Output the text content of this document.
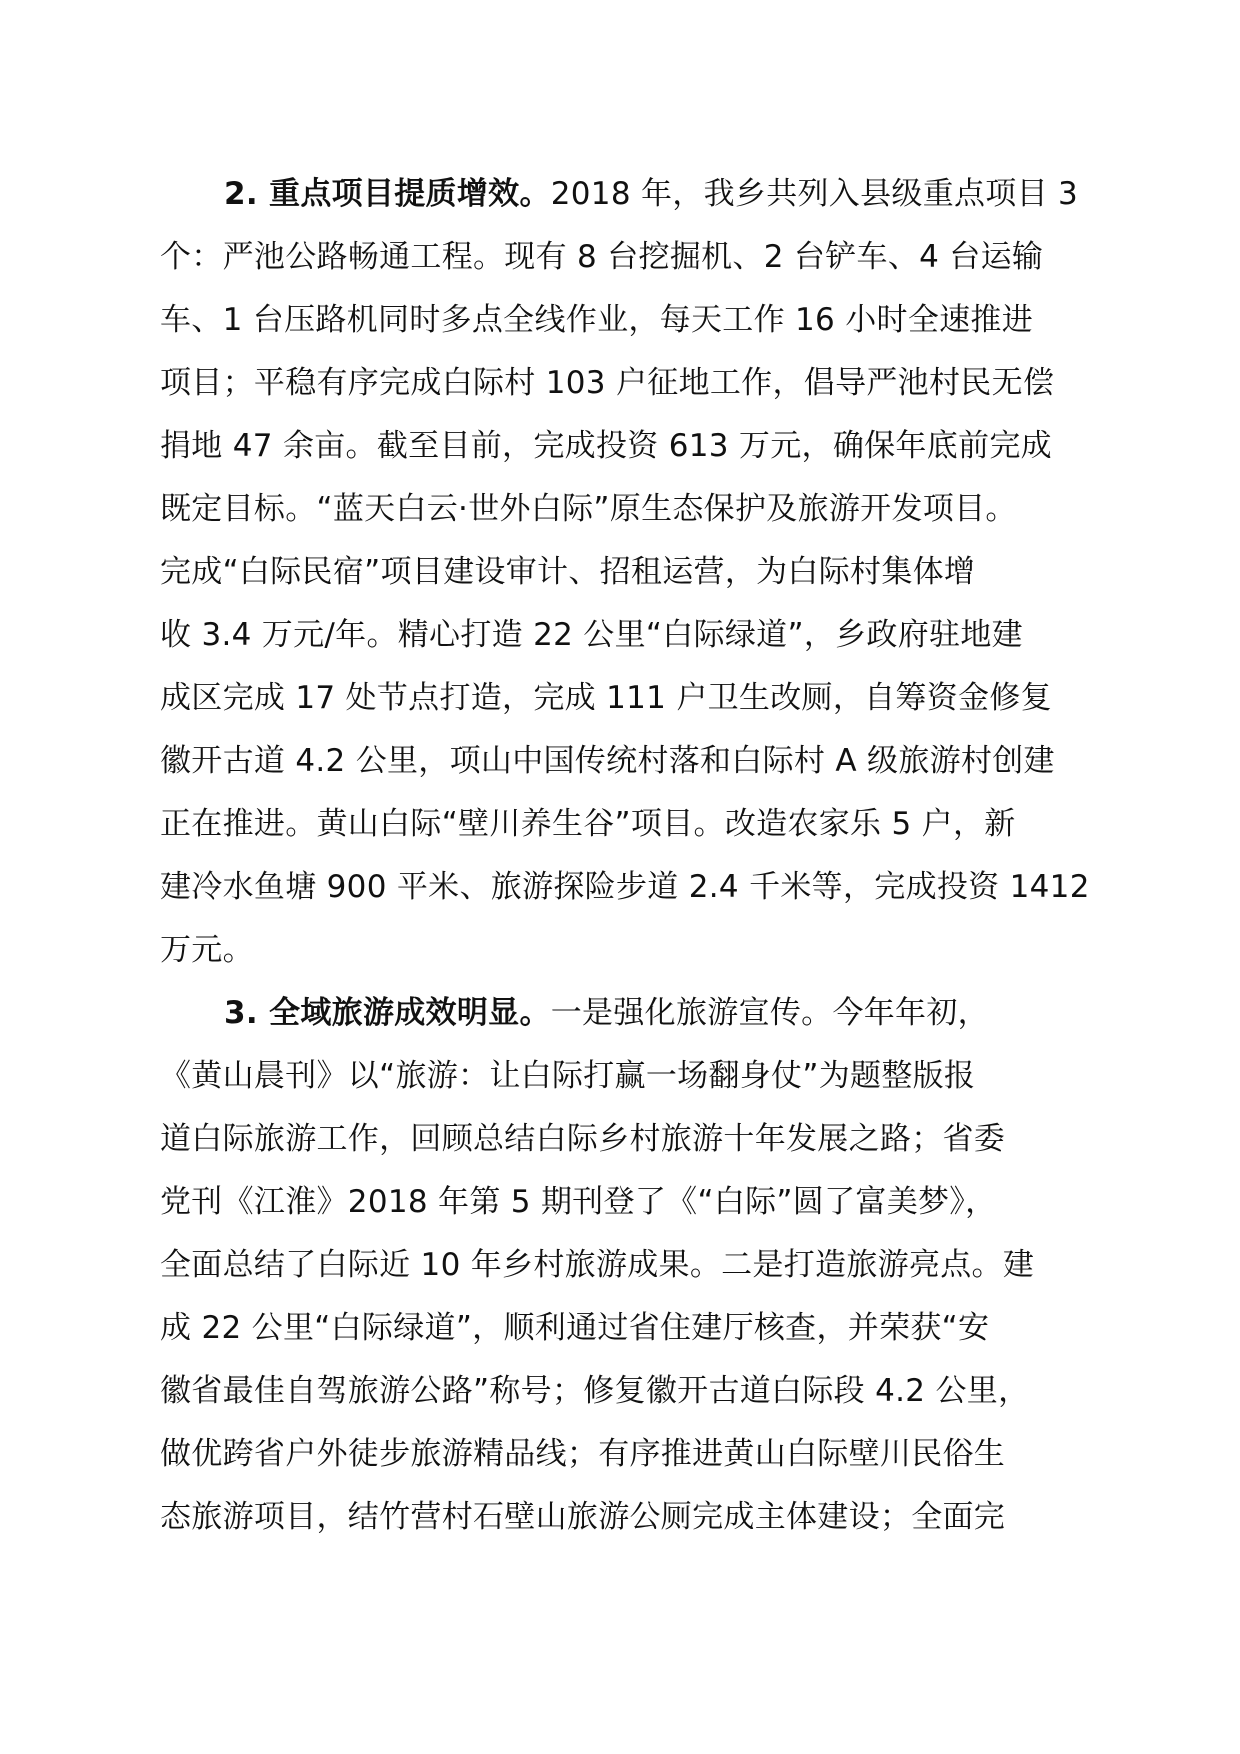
2. 重点项目提质增效。2018 年，我乡共列入县级重点项目 3
个：严池公路畅通工程。现有 8 台挖掘机、2 台铲车、4 台运输
车、1 台压路机同时多点全线作业，每天工作 16 小时全速推进
项目；平稳有序完成白际村 103 户征地工作，倡导严池村民无偿
捐地 47 余亩。截至目前，完成投资 613 万元，确保年底前完成
既定目标。“蓝天白云·世外白际”原生态保护及旅游开发项目。
完成“白际民宿”项目建设审计、招租运营，为白际村集体增
收 3.4 万元/年。精心打造 22 公里“白际绿道”，乡政府驻地建
成区完成 17 处节点打造，完成 111 户卫生改厕，自筹资金修复
徽开古道 4.2 公里，项山中国传统村落和白际村 A 级旅游村创建
正在推进。黄山白际“壁川养生谷”项目。改造农家乐 5 户，新
建冷水鱼塘 900 平米、旅游探险步道 2.4 千米等，完成投资 1412
万元。
3. 全域旅游成效明显。一是强化旅游宣传。今年年初，
《黄山晨刊》以“旅游：让白际打赢一场翻身仗”为题整版报
道白际旅游工作，回顾总结白际乡村旅游十年发展之路；省委
党刊《江淮》2018 年第 5 期刊登了《“白际”圆了富美梦》，
全面总结了白际近 10 年乡村旅游成果。二是打造旅游亮点。建
成 22 公里“白际绿道”，顺利通过省住建厅核查，并荣获“安
徽省最佳自驾旅游公路”称号；修复徽开古道白际段 4.2 公里，
做优跨省户外徒步旅游精品线；有序推进黄山白际壁川民俗生
态旅游项目，结竹营村石壁山旅游公厕完成主体建设；全面完
